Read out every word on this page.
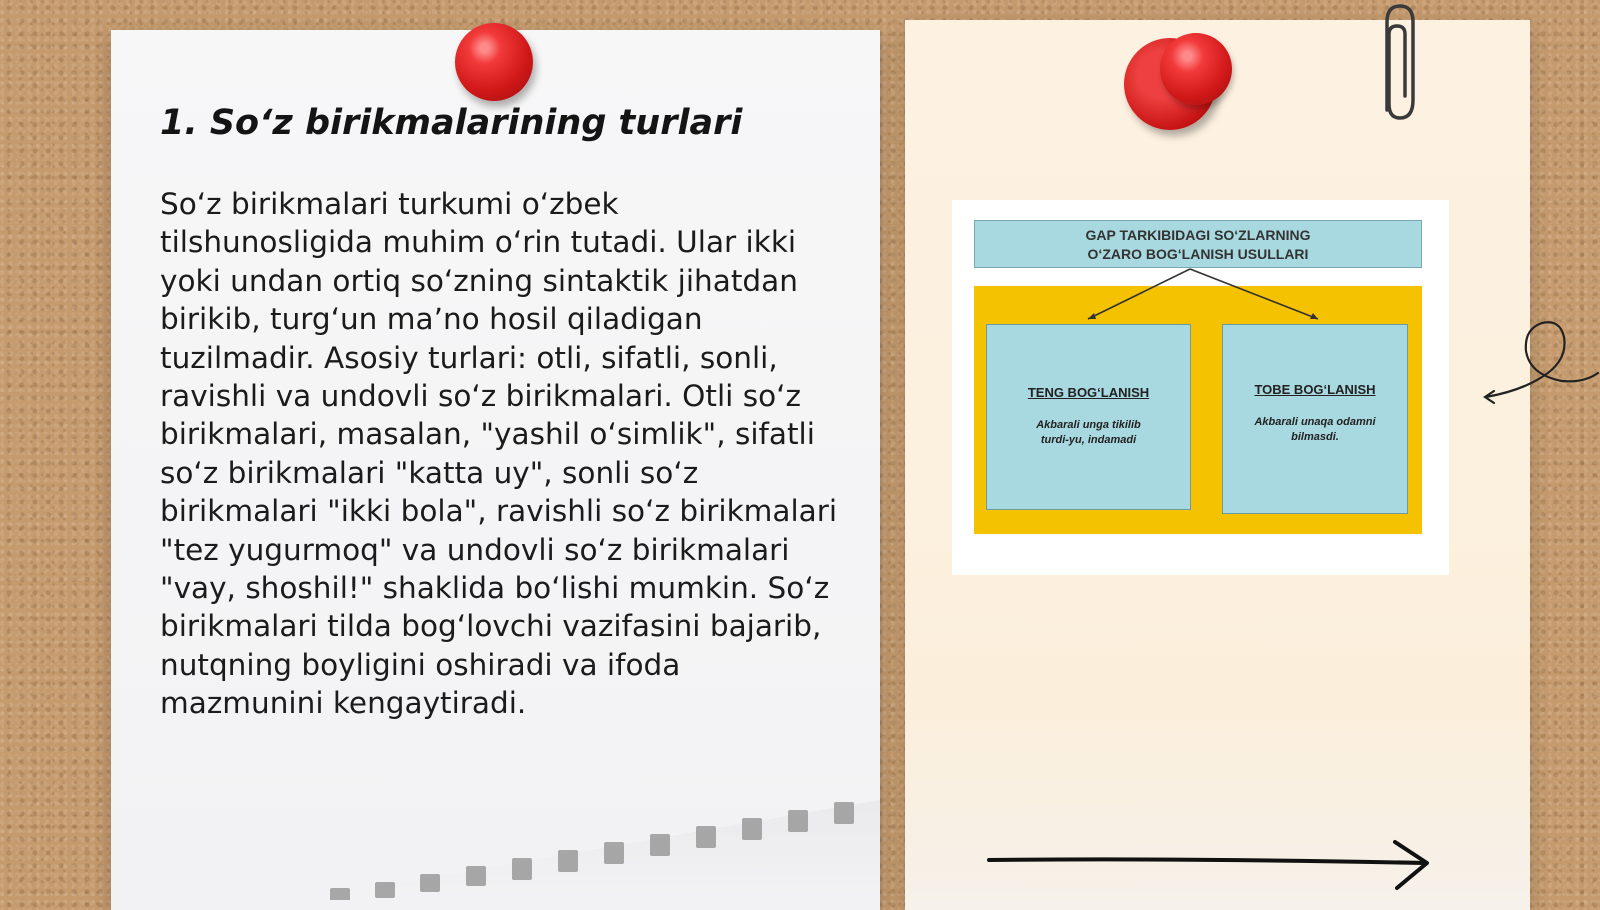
1. So‘z birikmalarining turlari

So‘z birikmalari turkumi o‘zbek
tilshunosligida muhim o‘rin tutadi. Ular ikki
yoki undan ortiq so‘zning sintaktik jihatdan
birikib, turg‘un ma’no hosil qiladigan
tuzilmadir. Asosiy turlari: otli, sifatli, sonli,
ravishli va undovli so‘z birikmalari. Otli so‘z
birikmalari, masalan, "yashil o‘simlik", sifatli
so‘z birikmalari "katta uy", sonli so‘z
birikmalari "ikki bola", ravishli so‘z birikmalari
"tez yugurmoq" va undovli so‘z birikmalari
"vay, shoshil!" shaklida bo‘lishi mumkin. So‘z
birikmalari tilda bog‘lovchi vazifasini bajarib,
nutqning boyligini oshiradi va ifoda
mazmunini kengaytiradi.

GAP TARKIBIDAGI SO‘ZLARNING
O‘ZARO BOG‘LANISH USULLARI
TENG BOG‘LANISH
Akbarali unga tikilib turdi-yu, indamadi
TOBE BOG‘LANISH
Akbarali unaqa odamni bilmasdi.
